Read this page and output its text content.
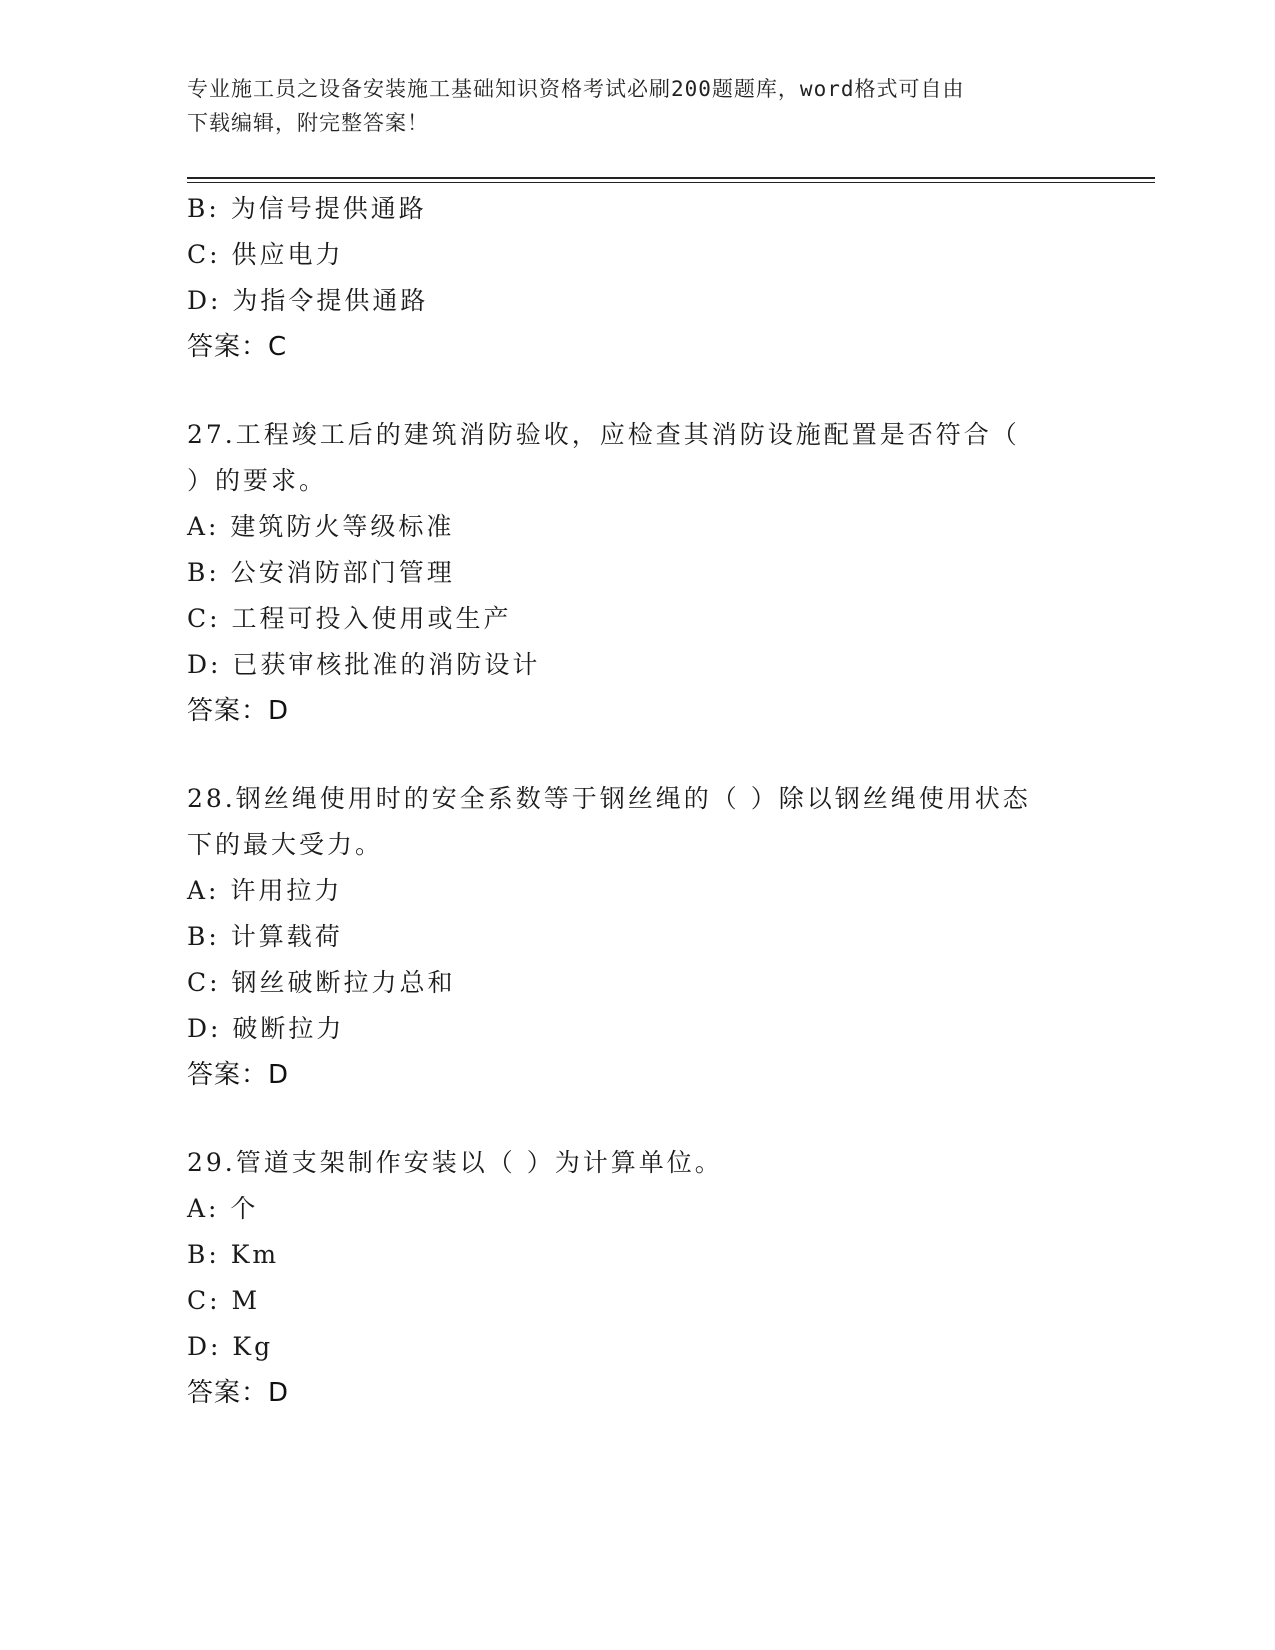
专业施工员之设备安装施工基础知识资格考试必刷200题题库，word格式可自由
下载编辑，附完整答案！
B: 为信号提供通路
C: 供应电力
D: 为指令提供通路
答案：C
27.工程竣工后的建筑消防验收，应检查其消防设施配置是否符合（
）的要求。
A: 建筑防火等级标准
B: 公安消防部门管理
C: 工程可投入使用或生产
D: 已获审核批准的消防设计
答案：D
28.钢丝绳使用时的安全系数等于钢丝绳的（ ）除以钢丝绳使用状态
下的最大受力。
A: 许用拉力
B: 计算载荷
C: 钢丝破断拉力总和
D: 破断拉力
答案：D
29.管道支架制作安装以（ ）为计算单位。
A: 个
B: Km
C: M
D: Kg
答案：D
